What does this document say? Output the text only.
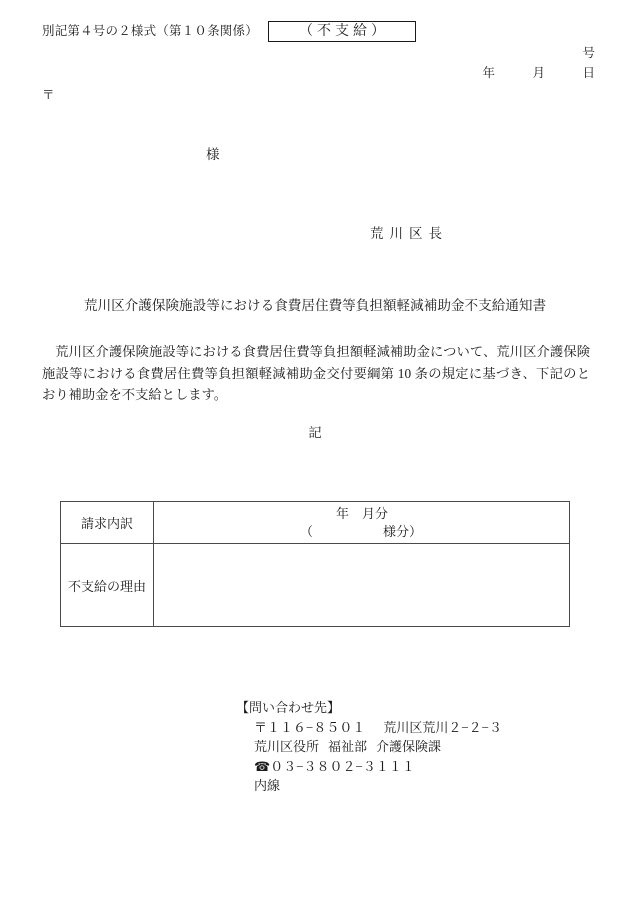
別記第４号の２様式（第１０条関係）	（不支給）
号
年　　　月　　　日
〒
様
荒川区長
荒川区介護保険施設等における食費居住費等負担額軽減補助金不支給通知書

荒川区介護保険施設等における食費居住費等負担額軽減補助金について、荒川区介護保険施設等における食費居住費等負担額軽減補助金交付要綱第 10 条の規定に基づき、下記のとおり補助金を不支給とします。

記
請求内訳	年　月分
（ 様分）

不支給の理由	
【問い合わせ先】
〒１１６−８５０１ 荒川区荒川２−２−３
荒川区役所 福祉部 介護保険課
☎０３−３８０２−３１１１
内線
